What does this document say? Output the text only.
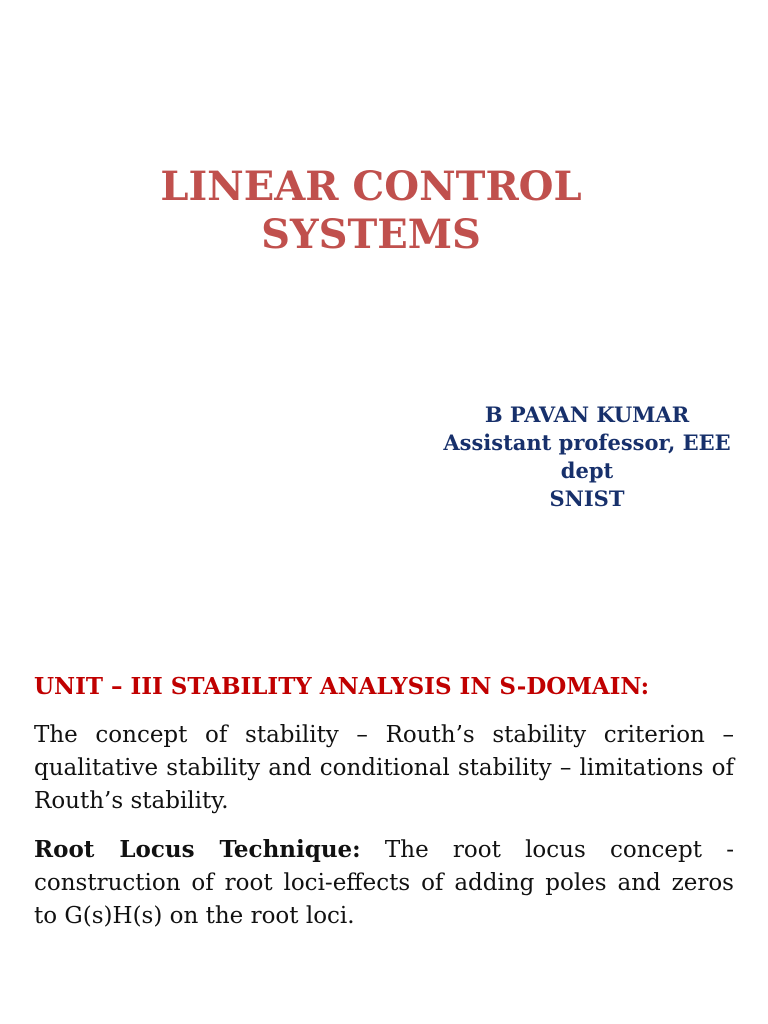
LINEAR CONTROL
SYSTEMS
B PAVAN KUMAR
Assistant professor, EEE
dept
SNIST
UNIT – III STABILITY ANALYSIS IN S-DOMAIN:

The concept of stability – Routh’s stability criterion – qualitative stability and conditional stability – limitations of Routh’s stability.

Root Locus Technique: The root locus concept - construction of root loci-effects of adding poles and zeros to G(s)H(s) on the root loci.
